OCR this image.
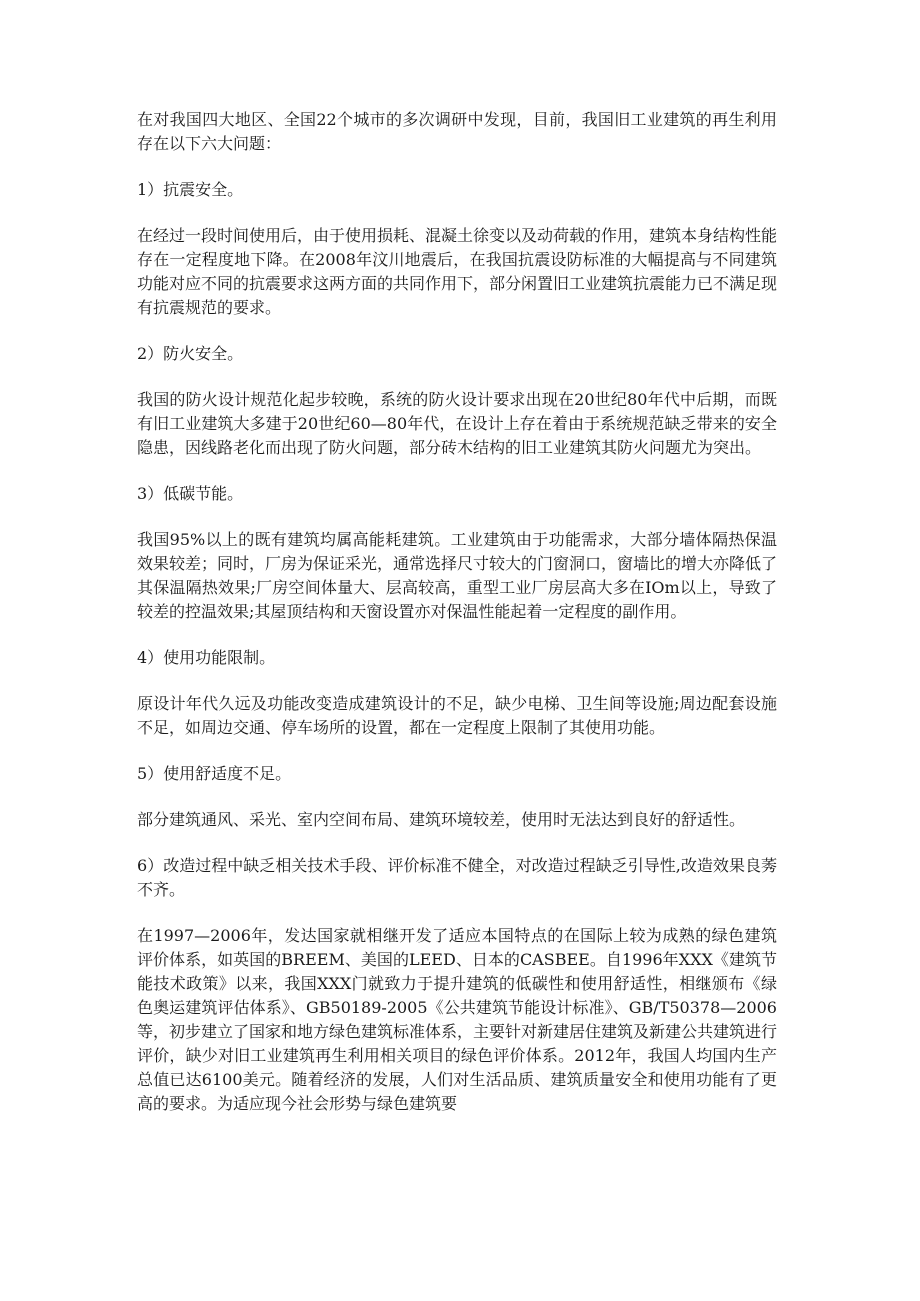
在对我国四大地区、全国22个城市的多次调研中发现，目前，我国旧工业建筑的再生利用存在以下六大问题：

1）抗震安全。

在经过一段时间使用后，由于使用损耗、混凝土徐变以及动荷载的作用，建筑本身结构性能存在一定程度地下降。在2008年汶川地震后，在我国抗震设防标准的大幅提高与不同建筑功能对应不同的抗震要求这两方面的共同作用下，部分闲置旧工业建筑抗震能力已不满足现有抗震规范的要求。

2）防火安全。

我国的防火设计规范化起步较晚，系统的防火设计要求出现在20世纪80年代中后期，而既有旧工业建筑大多建于20世纪60—80年代，在设计上存在着由于系统规范缺乏带来的安全隐患，因线路老化而出现了防火问题，部分砖木结构的旧工业建筑其防火问题尤为突出。

3）低碳节能。

我国95%以上的既有建筑均属高能耗建筑。工业建筑由于功能需求，大部分墙体隔热保温效果较差；同时，厂房为保证采光，通常选择尺寸较大的门窗洞口，窗墙比的增大亦降低了其保温隔热效果;厂房空间体量大、层高较高，重型工业厂房层高大多在IOm以上，导致了较差的控温效果;其屋顶结构和天窗设置亦对保温性能起着一定程度的副作用。

4）使用功能限制。

原设计年代久远及功能改变造成建筑设计的不足，缺少电梯、卫生间等设施;周边配套设施不足，如周边交通、停车场所的设置，都在一定程度上限制了其使用功能。

5）使用舒适度不足。

部分建筑通风、采光、室内空间布局、建筑环境较差，使用时无法达到良好的舒适性。

6）改造过程中缺乏相关技术手段、评价标准不健全，对改造过程缺乏引导性,改造效果良莠不齐。

在1997—2006年，发达国家就相继开发了适应本国特点的在国际上较为成熟的绿色建筑评价体系，如英国的BREEM、美国的LEED、日本的CASBEE。自1996年XXX《建筑节能技术政策》以来，我国XXX门就致力于提升建筑的低碳性和使用舒适性，相继颁布《绿色奥运建筑评估体系》、GB50189-2005《公共建筑节能设计标准》、GB/T50378—2006等，初步建立了国家和地方绿色建筑标准体系，主要针对新建居住建筑及新建公共建筑进行评价，缺少对旧工业建筑再生利用相关项目的绿色评价体系。2012年，我国人均国内生产总值已达6100美元。随着经济的发展，人们对生活品质、建筑质量安全和使用功能有了更高的要求。为适应现今社会形势与绿色建筑要
